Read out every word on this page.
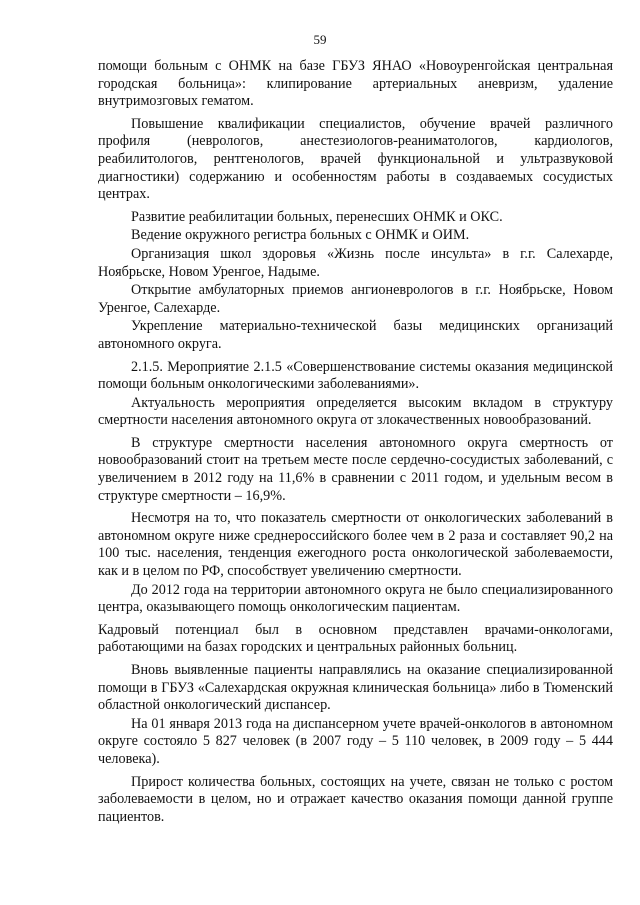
59

помощи больным с ОНМК на базе ГБУЗ ЯНАО «Новоуренгойская центральная городская больница»: клипирование артериальных аневризм, удаление внутримозговых гематом.

Повышение квалификации специалистов, обучение врачей различного профиля (неврологов, анестезиологов-реаниматологов, кардиологов, реабилитологов, рентгенологов, врачей функциональной и ультразвуковой диагностики) содержанию и особенностям работы в создаваемых сосудистых центрах.

Развитие реабилитации больных, перенесших ОНМК и ОКС.

Ведение окружного регистра больных с ОНМК и ОИМ.

Организация школ здоровья «Жизнь после инсульта» в г.г. Салехарде, Ноябрьске, Новом Уренгое, Надыме.

Открытие амбулаторных приемов ангионеврологов в г.г. Ноябрьске, Новом Уренгое, Салехарде.

Укрепление материально-технической базы медицинских организаций автономного округа.

2.1.5. Мероприятие 2.1.5 «Совершенствование системы оказания медицинской помощи больным онкологическими заболеваниями».

Актуальность мероприятия определяется высоким вкладом в структуру смертности населения автономного округа от злокачественных новообразований.

В структуре смертности населения автономного округа смертность от новообразований стоит на третьем месте после сердечно-сосудистых заболеваний, с увеличением в 2012 году на 11,6% в сравнении с 2011 годом, и удельным весом в структуре смертности – 16,9%.

Несмотря на то, что показатель смертности от онкологических заболеваний в автономном округе ниже среднероссийского более чем в 2 раза и составляет 90,2 на 100 тыс. населения, тенденция ежегодного роста онкологической заболеваемости, как и в целом по РФ, способствует увеличению смертности.

До 2012 года на территории автономного округа не было специализированного центра, оказывающего помощь онкологическим пациентам.

Кадровый потенциал был в основном представлен врачами-онкологами, работающими на базах городских и центральных районных больниц.

Вновь выявленные пациенты направлялись на оказание специализированной помощи в ГБУЗ «Салехардская окружная клиническая больница» либо в Тюменский областной онкологический диспансер.

На 01 января 2013 года на диспансерном учете врачей-онкологов в автономном округе состояло 5 827 человек (в 2007 году – 5 110 человек, в 2009 году – 5 444 человека).

Прирост количества больных, состоящих на учете, связан не только с ростом заболеваемости в целом, но и отражает качество оказания помощи данной группе пациентов.
